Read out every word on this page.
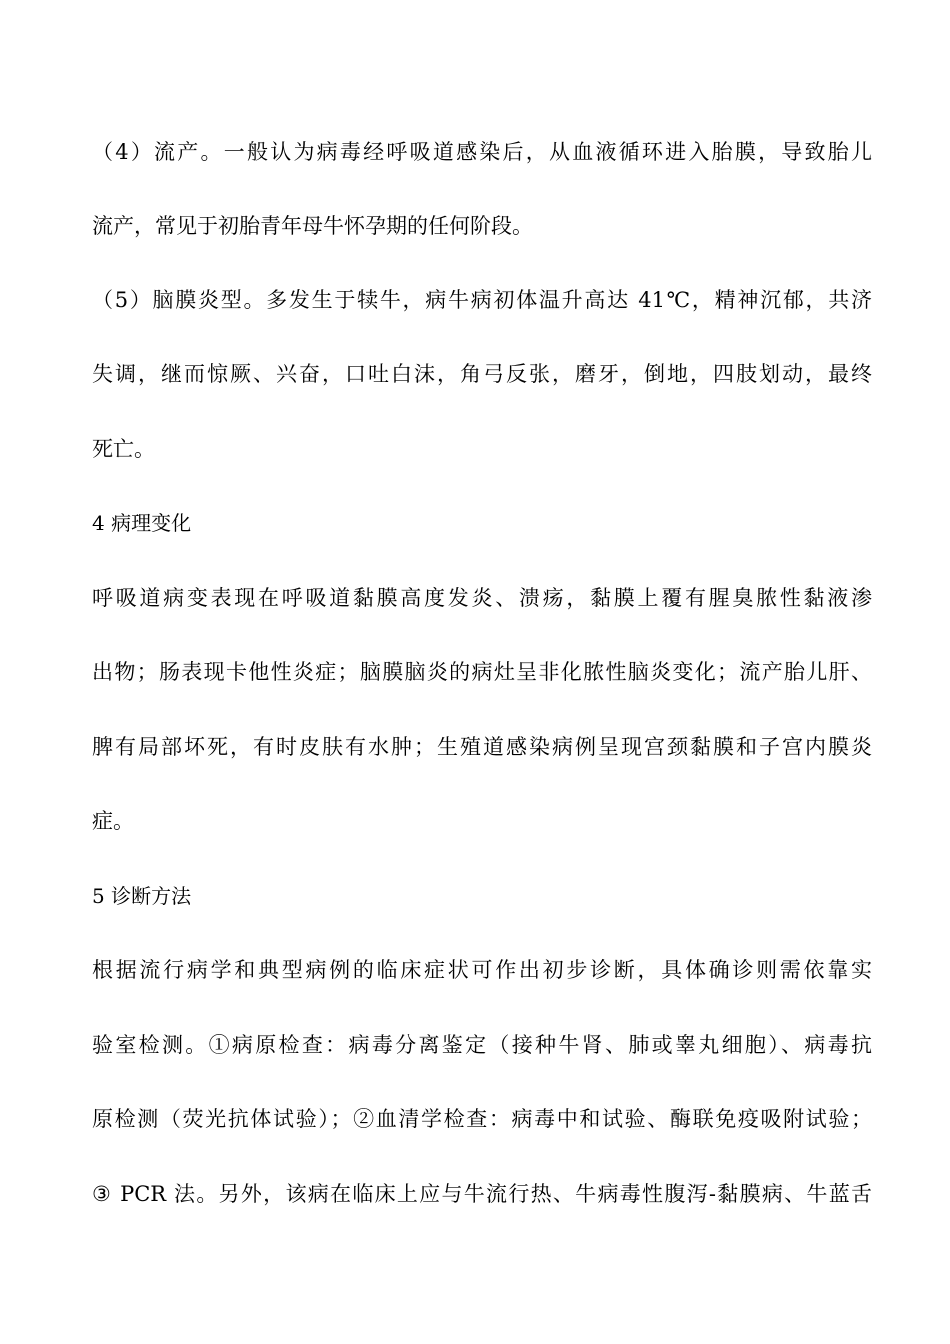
（4）流产。一般认为病毒经呼吸道感染后，从血液循环进入胎膜，导致胎儿
流产，常见于初胎青年母牛怀孕期的任何阶段。
（5）脑膜炎型。多发生于犊牛，病牛病初体温升高达 41℃，精神沉郁，共济
失调，继而惊厥、兴奋，口吐白沫，角弓反张，磨牙，倒地，四肢划动，最终
死亡。
4 病理变化
呼吸道病变表现在呼吸道黏膜高度发炎、溃疡，黏膜上覆有腥臭脓性黏液渗
出物；肠表现卡他性炎症；脑膜脑炎的病灶呈非化脓性脑炎变化；流产胎儿肝、
脾有局部坏死，有时皮肤有水肿；生殖道感染病例呈现宫颈黏膜和子宫内膜炎
症。
5 诊断方法
根据流行病学和典型病例的临床症状可作出初步诊断，具体确诊则需依靠实
验室检测。①病原检查：病毒分离鉴定（接种牛肾、肺或睾丸细胞）、病毒抗
原检测（荧光抗体试验）；②血清学检查：病毒中和试验、酶联免疫吸附试验；
③ PCR 法。另外，该病在临床上应与牛流行热、牛病毒性腹泻-黏膜病、牛蓝舌
